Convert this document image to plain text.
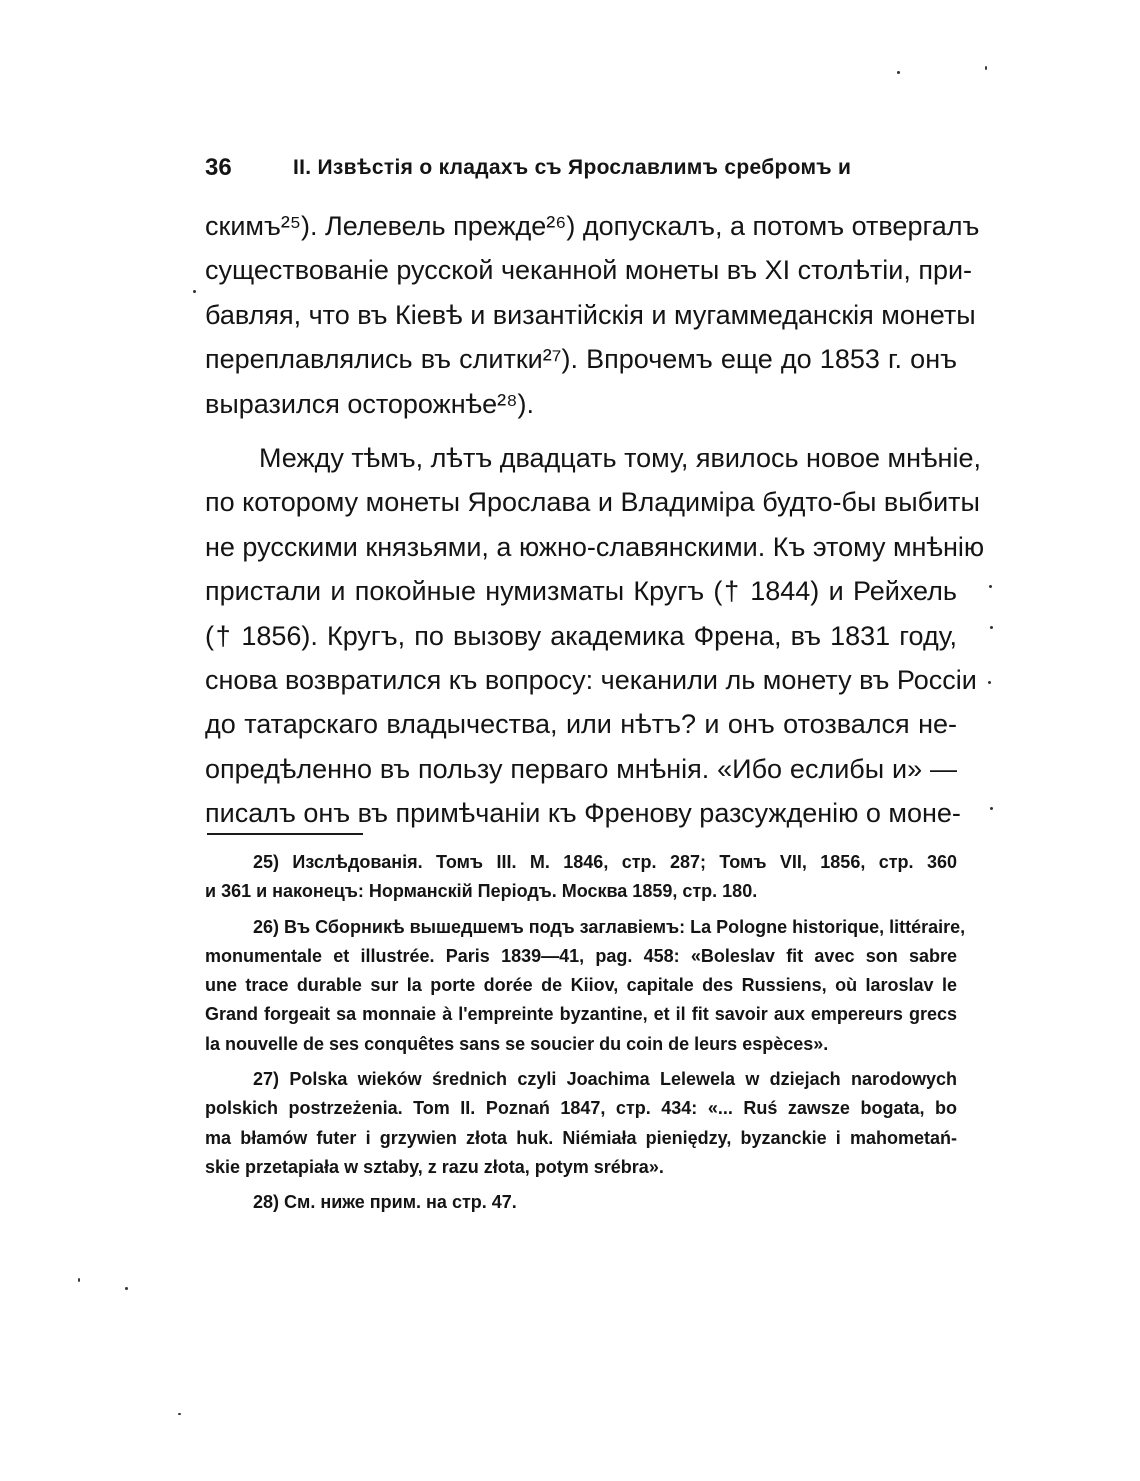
36	II. Извѣстія о кладахъ съ Ярославлимъ сребромъ и
скимъ²⁵). Лелевель прежде²⁶) допускалъ, а потомъ отвергалъ
существованіе русской чеканной монеты въ XI столѣтіи, при-
бавляя, что въ Кіевѣ и византійскія и мугаммеданскія монеты
переплавлялись въ слитки²⁷). Впрочемъ еще до 1853 г. онъ
выразился осторожнѣе²⁸).
Между тѣмъ, лѣтъ двадцать тому, явилось новое мнѣніе,
по которому монеты Ярослава и Владиміра будто-бы выбиты
не русскими князьями, а южно-славянскими. Къ этому мнѣнію
пристали и покойные нумизматы Кругъ († 1844) и Рейхель
(† 1856). Кругъ, по вызову академика Френа, въ 1831 году,
снова возвратился къ вопросу: чеканили ль монету въ Россіи
до татарскаго владычества, или нѣтъ? и онъ отозвался не-
опредѣленно въ пользу перваго мнѣнія. «Ибо еслибы и» —
писалъ онъ въ примѣчаніи къ Френову разсужденію о моне-
25) Изслѣдованія. Томъ III. М. 1846, стр. 287; Томъ VII, 1856, стр. 360
и 361 и наконецъ: Норманскій Періодъ. Москва 1859, стр. 180.
26) Въ Сборникѣ вышедшемъ подъ заглавіемъ: La Pologne historique, littéraire,
monumentale et illustrée. Paris 1839—41, pag. 458: «Boleslav fit avec son sabre
une trace durable sur la porte dorée de Kiiov, capitale des Russiens, où Iaroslav le
Grand forgeait sa monnaie à l'empreinte byzantine, et il fit savoir aux empereurs grecs
la nouvelle de ses conquêtes sans se soucier du coin de leurs espèces».
27) Polska wieków średnich czyli Joachima Lelewela w dziejach narodowych
polskich postrzeżenia. Tom II. Poznań 1847, стр. 434: «... Ruś zawsze bogata, bo
ma błamów futer i grzywien złota huk. Niémiała pieniędzy, byzanckie i mahometań-
skie przetapiała w sztaby, z razu złota, potym srébra».
28) См. ниже прим. на стр. 47.
